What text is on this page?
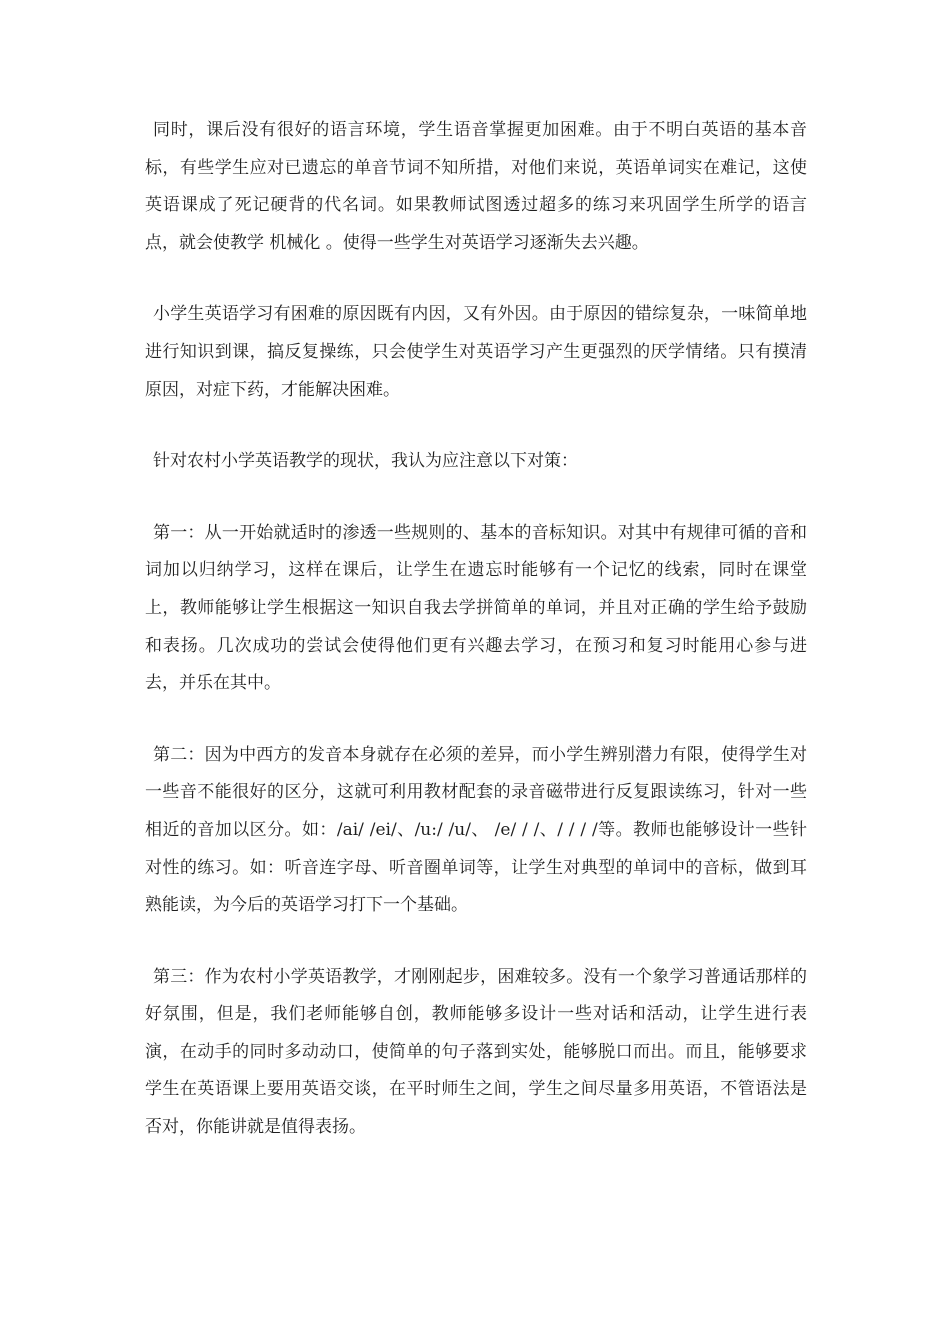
同时，课后没有很好的语言环境，学生语音掌握更加困难。由于不明白英语的基本音标，有些学生应对已遗忘的单音节词不知所措，对他们来说，英语单词实在难记，这使英语课成了死记硬背的代名词。如果教师试图透过超多的练习来巩固学生所学的语言点，就会使教学 机械化 。使得一些学生对英语学习逐渐失去兴趣。

小学生英语学习有困难的原因既有内因，又有外因。由于原因的错综复杂，一味简单地进行知识到课，搞反复操练，只会使学生对英语学习产生更强烈的厌学情绪。只有摸清原因，对症下药，才能解决困难。

针对农村小学英语教学的现状，我认为应注意以下对策：

第一：从一开始就适时的渗透一些规则的、基本的音标知识。对其中有规律可循的音和词加以归纳学习，这样在课后，让学生在遗忘时能够有一个记忆的线索，同时在课堂上，教师能够让学生根据这一知识自我去学拼简单的单词，并且对正确的学生给予鼓励和表扬。几次成功的尝试会使得他们更有兴趣去学习，在预习和复习时能用心参与进去，并乐在其中。

第二：因为中西方的发音本身就存在必须的差异，而小学生辨别潜力有限，使得学生对一些音不能很好的区分，这就可利用教材配套的录音磁带进行反复跟读练习，针对一些相近的音加以区分。如：/ai/ /ei/、/u:/ /u/、 /e/ / /、/ / / /等。教师也能够设计一些针对性的练习。如：听音连字母、听音圈单词等，让学生对典型的单词中的音标，做到耳熟能读，为今后的英语学习打下一个基础。

第三：作为农村小学英语教学，才刚刚起步，困难较多。没有一个象学习普通话那样的好氛围，但是，我们老师能够自创，教师能够多设计一些对话和活动，让学生进行表演，在动手的同时多动动口，使简单的句子落到实处，能够脱口而出。而且，能够要求学生在英语课上要用英语交谈，在平时师生之间，学生之间尽量多用英语，不管语法是否对，你能讲就是值得表扬。
